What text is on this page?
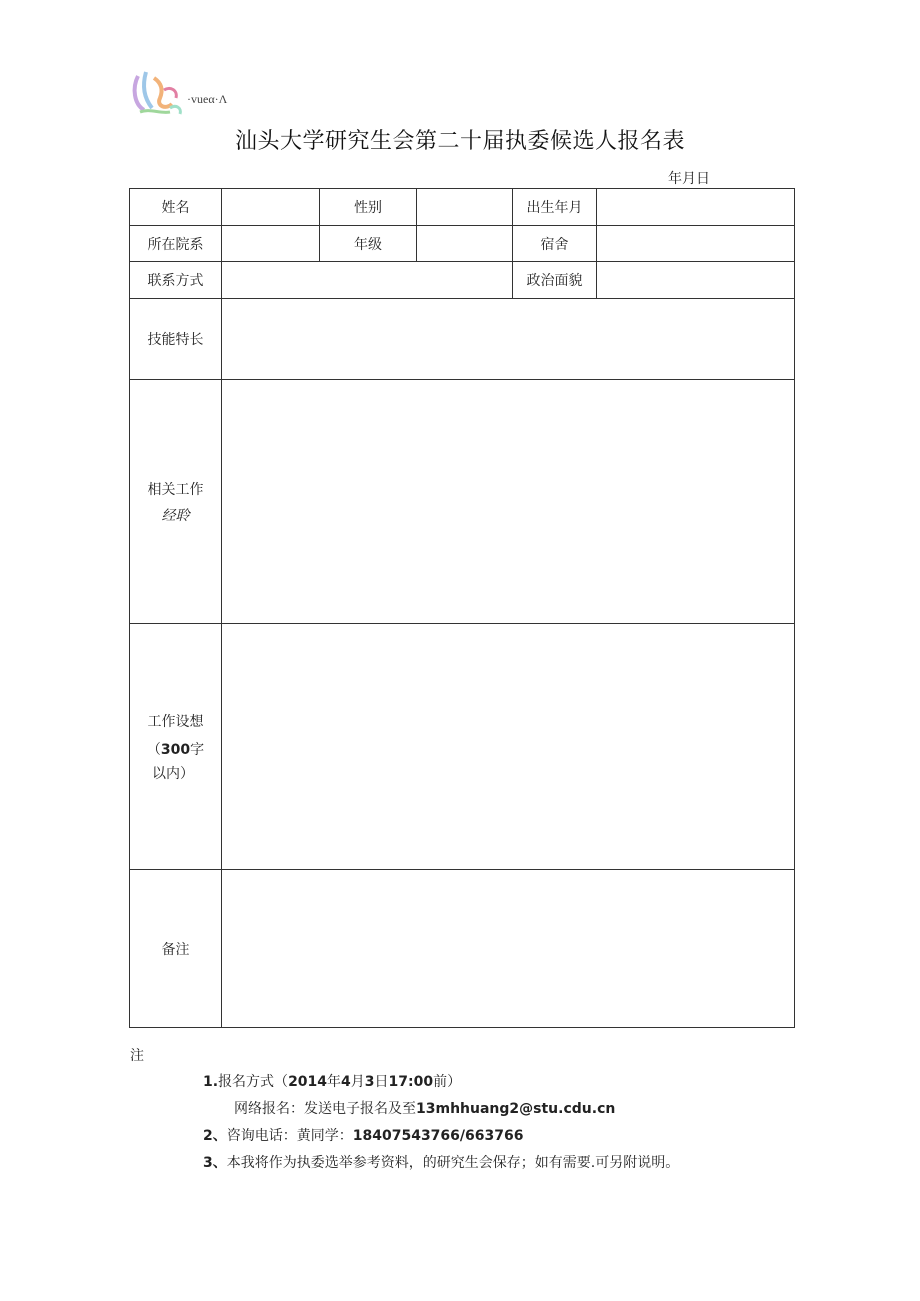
·vueα·Λ
汕头大学研究生会第二十届执委候选人报名表
年月日
姓名		性别		出生年月	
所在院系		年级		宿舍	
联系方式				政治面貌	
技能特长					

相关工作
经聆					

工作设想
（300字
以内）					

备注					
注
1.报名方式（2014年4月3日17:00前）
网络报名：发送电子报名及至13mhhuang2@stu.cdu.cn
2、咨询电话：黄同学：18407543766/663766
3、本我将作为执委选举参考资料，的研究生会保存；如有需要.可另附说明。
